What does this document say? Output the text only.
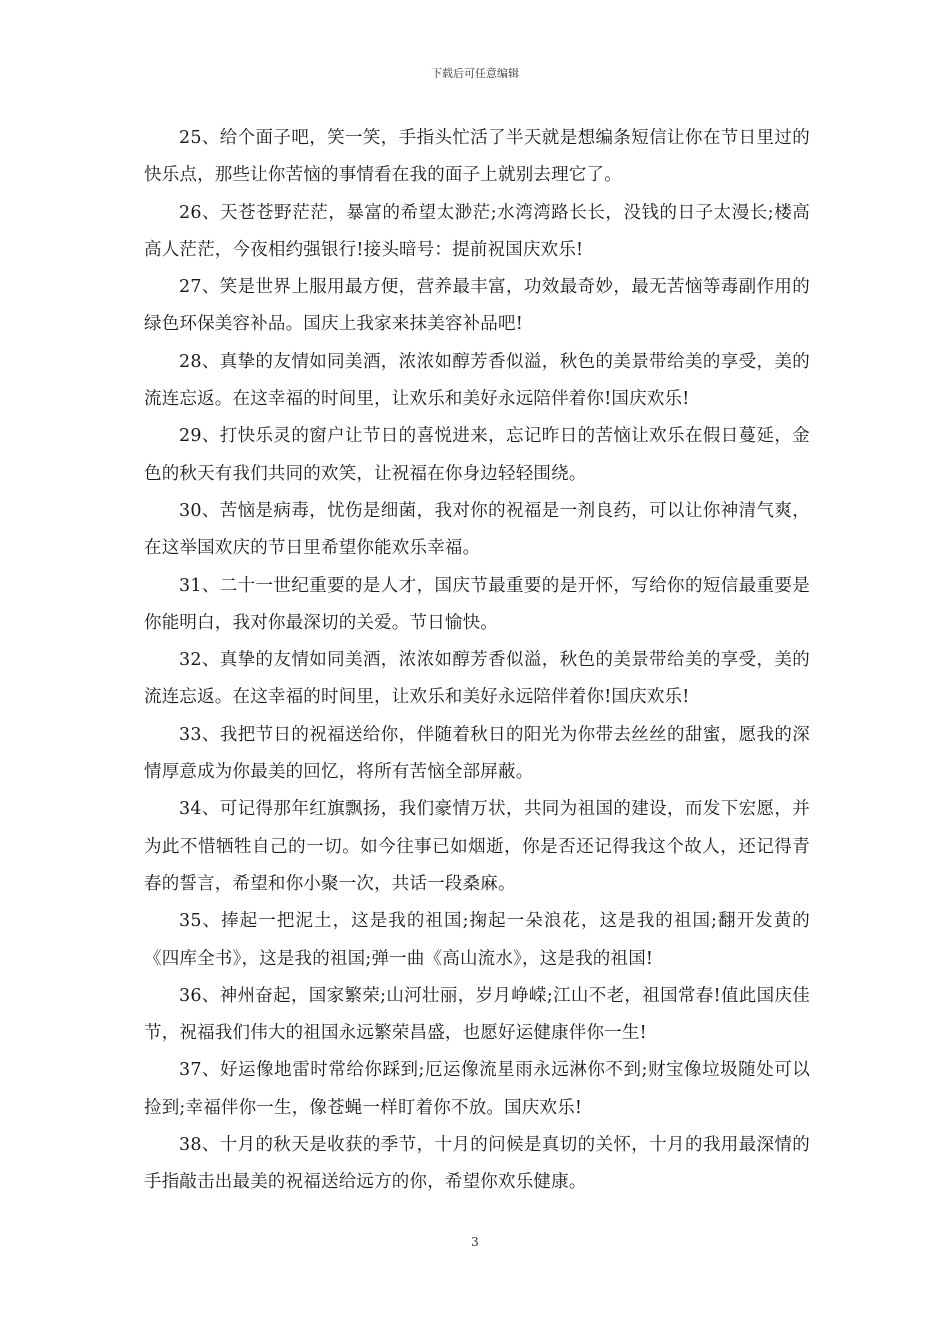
下载后可任意编辑

25、给个面子吧，笑一笑，手指头忙活了半天就是想编条短信让你在节日里过的快乐点，那些让你苦恼的事情看在我的面子上就别去理它了。

26、天苍苍野茫茫，暴富的希望太渺茫;水湾湾路长长，没钱的日子太漫长;楼高高人茫茫，今夜相约强银行!接头暗号：提前祝国庆欢乐!

27、笑是世界上服用最方便，营养最丰富，功效最奇妙，最无苦恼等毒副作用的绿色环保美容补品。国庆上我家来抹美容补品吧!

28、真挚的友情如同美酒，浓浓如醇芳香似溢，秋色的美景带给美的享受，美的流连忘返。在这幸福的时间里，让欢乐和美好永远陪伴着你!国庆欢乐!

29、打快乐灵的窗户让节日的喜悦进来，忘记昨日的苦恼让欢乐在假日蔓延，金色的秋天有我们共同的欢笑，让祝福在你身边轻轻围绕。

30、苦恼是病毒，忧伤是细菌，我对你的祝福是一剂良药，可以让你神清气爽，在这举国欢庆的节日里希望你能欢乐幸福。

31、二十一世纪重要的是人才，国庆节最重要的是开怀，写给你的短信最重要是你能明白，我对你最深切的关爱。节日愉快。

32、真挚的友情如同美酒，浓浓如醇芳香似溢，秋色的美景带给美的享受，美的流连忘返。在这幸福的时间里，让欢乐和美好永远陪伴着你!国庆欢乐!

33、我把节日的祝福送给你，伴随着秋日的阳光为你带去丝丝的甜蜜，愿我的深情厚意成为你最美的回忆，将所有苦恼全部屏蔽。

34、可记得那年红旗飘扬，我们豪情万状，共同为祖国的建设，而发下宏愿，并为此不惜牺牲自己的一切。如今往事已如烟逝，你是否还记得我这个故人，还记得青春的誓言，希望和你小聚一次，共话一段桑麻。

35、捧起一把泥土，这是我的祖国;掬起一朵浪花，这是我的祖国;翻开发黄的《四库全书》，这是我的祖国;弹一曲《高山流水》，这是我的祖国!

36、神州奋起，国家繁荣;山河壮丽，岁月峥嵘;江山不老，祖国常春!值此国庆佳节，祝福我们伟大的祖国永远繁荣昌盛，也愿好运健康伴你一生!

37、好运像地雷时常给你踩到;厄运像流星雨永远淋你不到;财宝像垃圾随处可以捡到;幸福伴你一生，像苍蝇一样盯着你不放。国庆欢乐!

38、十月的秋天是收获的季节，十月的问候是真切的关怀，十月的我用最深情的手指敲击出最美的祝福送给远方的你，希望你欢乐健康。

3
